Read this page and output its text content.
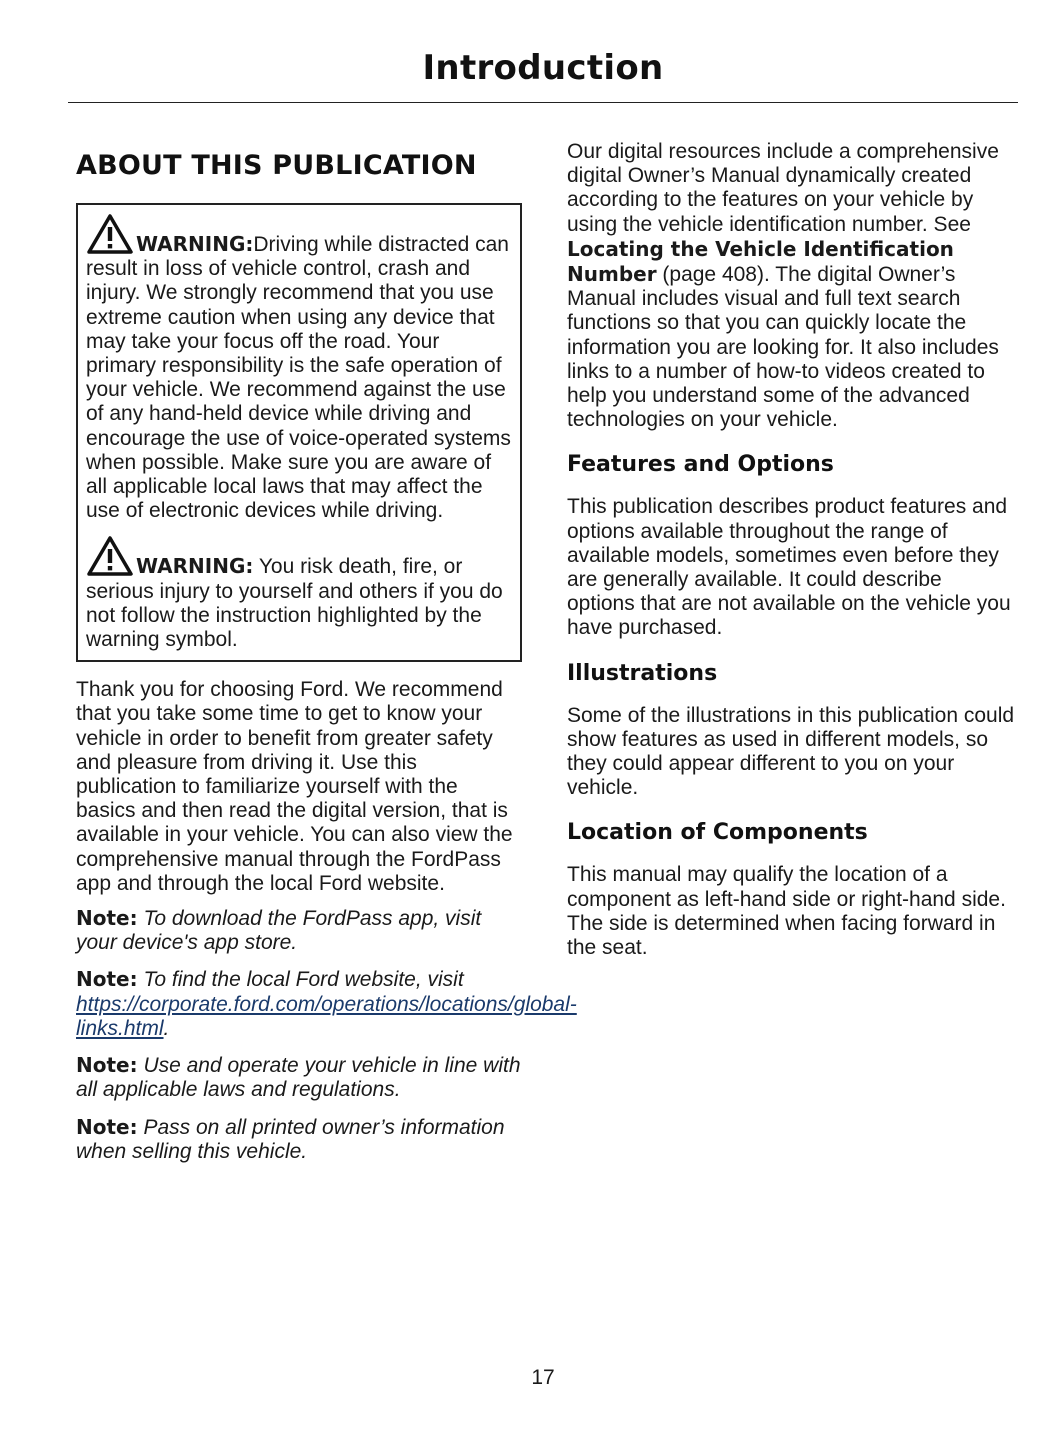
Introduction
ABOUT THIS PUBLICATION

WARNING:Driving while distracted can result in loss of vehicle control, crash and injury. We strongly recommend that you use extreme caution when using any device that may take your focus off the road. Your primary responsibility is the safe operation of your vehicle. We recommend against the use of any hand-held device while driving and encourage the use of voice-operated systems when possible. Make sure you are aware of all applicable local laws that may affect the use of electronic devices while driving.

WARNING: You risk death, fire, or serious injury to yourself and others if you do not follow the instruction highlighted by the warning symbol.

Thank you for choosing Ford. We recommend that you take some time to get to know your vehicle in order to benefit from greater safety and pleasure from driving it. Use this publication to familiarize yourself with the basics and then read the digital version, that is available in your vehicle. You can also view the comprehensive manual through the FordPass app and through the local Ford website.

Note: To download the FordPass app, visit your device's app store.

Note: To find the local Ford website, visit https://corporate.ford.com/operations/locations/global-links.html.

Note: Use and operate your vehicle in line with all applicable laws and regulations.

Note: Pass on all printed owner’s information when selling this vehicle.

Our digital resources include a comprehensive digital Owner’s Manual dynamically created according to the features on your vehicle by using the vehicle identification number. See Locating the Vehicle Identification Number (page 408). The digital Owner’s Manual includes visual and full text search functions so that you can quickly locate the information you are looking for. It also includes links to a number of how-to videos created to help you understand some of the advanced technologies on your vehicle.

Features and Options

This publication describes product features and options available throughout the range of available models, sometimes even before they are generally available. It could describe options that are not available on the vehicle you have purchased.

Illustrations

Some of the illustrations in this publication could show features as used in different models, so they could appear different to you on your vehicle.

Location of Components

This manual may qualify the location of a component as left-hand side or right-hand side. The side is determined when facing forward in the seat.

17
